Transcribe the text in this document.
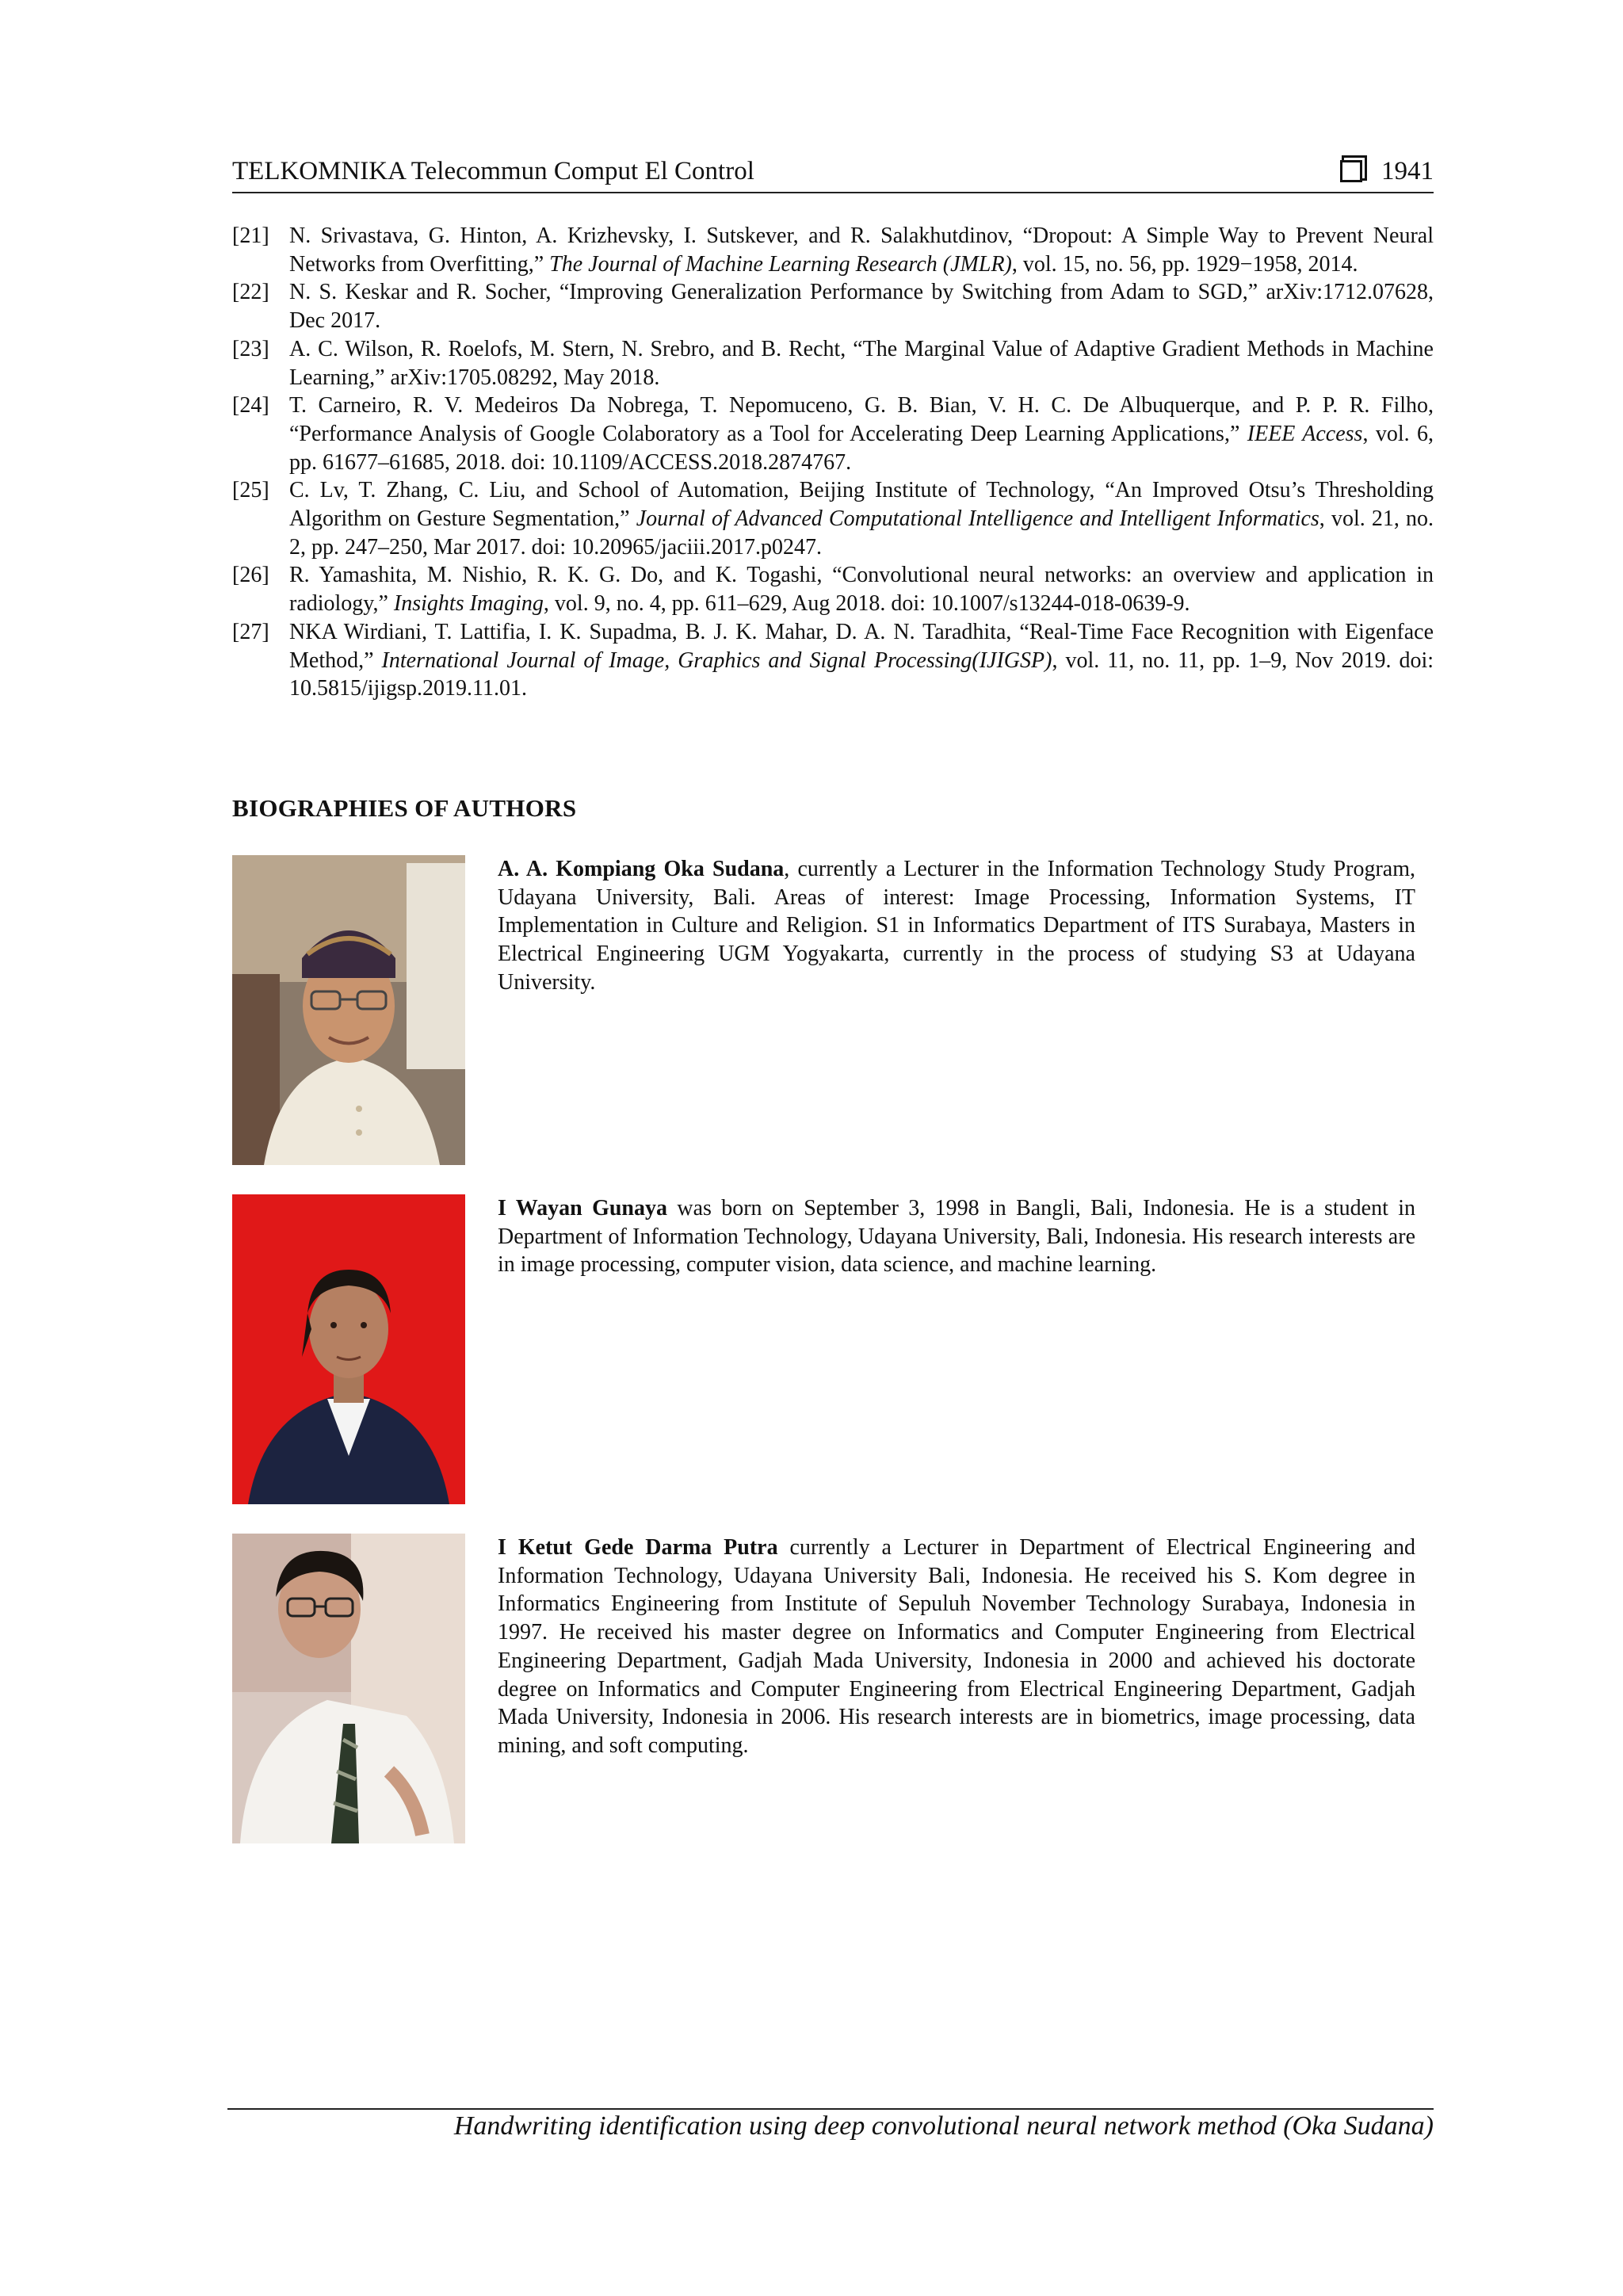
TELKOMNIKA Telecommun Comput El Control	1941
[21] N. Srivastava, G. Hinton, A. Krizhevsky, I. Sutskever, and R. Salakhutdinov, “Dropout: A Simple Way to Prevent Neural Networks from Overfitting,” The Journal of Machine Learning Research (JMLR), vol. 15, no. 56, pp. 1929−1958, 2014.
[22] N. S. Keskar and R. Socher, “Improving Generalization Performance by Switching from Adam to SGD,” arXiv:1712.07628, Dec 2017.
[23] A. C. Wilson, R. Roelofs, M. Stern, N. Srebro, and B. Recht, “The Marginal Value of Adaptive Gradient Methods in Machine Learning,” arXiv:1705.08292, May 2018.
[24] T. Carneiro, R. V. Medeiros Da Nobrega, T. Nepomuceno, G. B. Bian, V. H. C. De Albuquerque, and P. P. R. Filho, “Performance Analysis of Google Colaboratory as a Tool for Accelerating Deep Learning Applications,” IEEE Access, vol. 6, pp. 61677–61685, 2018. doi: 10.1109/ACCESS.2018.2874767.
[25] C. Lv, T. Zhang, C. Liu, and School of Automation, Beijing Institute of Technology, “An Improved Otsu’s Thresholding Algorithm on Gesture Segmentation,” Journal of Advanced Computational Intelligence and Intelligent Informatics, vol. 21, no. 2, pp. 247–250, Mar 2017. doi: 10.20965/jaciii.2017.p0247.
[26] R. Yamashita, M. Nishio, R. K. G. Do, and K. Togashi, “Convolutional neural networks: an overview and application in radiology,” Insights Imaging, vol. 9, no. 4, pp. 611–629, Aug 2018. doi: 10.1007/s13244-018-0639-9.
[27] NKA Wirdiani, T. Lattifia, I. K. Supadma, B. J. K. Mahar, D. A. N. Taradhita, “Real-Time Face Recognition with Eigenface Method,” International Journal of Image, Graphics and Signal Processing(IJIGSP), vol. 11, no. 11, pp. 1–9, Nov 2019. doi: 10.5815/ijigsp.2019.11.01.
BIOGRAPHIES OF AUTHORS
A. A. Kompiang Oka Sudana, currently a Lecturer in the Information Technology Study Program, Udayana University, Bali. Areas of interest: Image Processing, Information Systems, IT Implementation in Culture and Religion. S1 in Informatics Department of ITS Surabaya, Masters in Electrical Engineering UGM Yogyakarta, currently in the process of studying S3 at Udayana University.
I Wayan Gunaya was born on September 3, 1998 in Bangli, Bali, Indonesia. He is a student in Department of Information Technology, Udayana University, Bali, Indonesia. His research interests are in image processing, computer vision, data science, and machine learning.
I Ketut Gede Darma Putra currently a Lecturer in Department of Electrical Engineering and Information Technology, Udayana University Bali, Indonesia. He received his S. Kom degree in Informatics Engineering from Institute of Sepuluh November Technology Surabaya, Indonesia in 1997. He received his master degree on Informatics and Computer Engineering from Electrical Engineering Department, Gadjah Mada University, Indonesia in 2000 and achieved his doctorate degree on Informatics and Computer Engineering from Electrical Engineering Department, Gadjah Mada University, Indonesia in 2006. His research interests are in biometrics, image processing, data mining, and soft computing.
Handwriting identification using deep convolutional neural network method (Oka Sudana)
